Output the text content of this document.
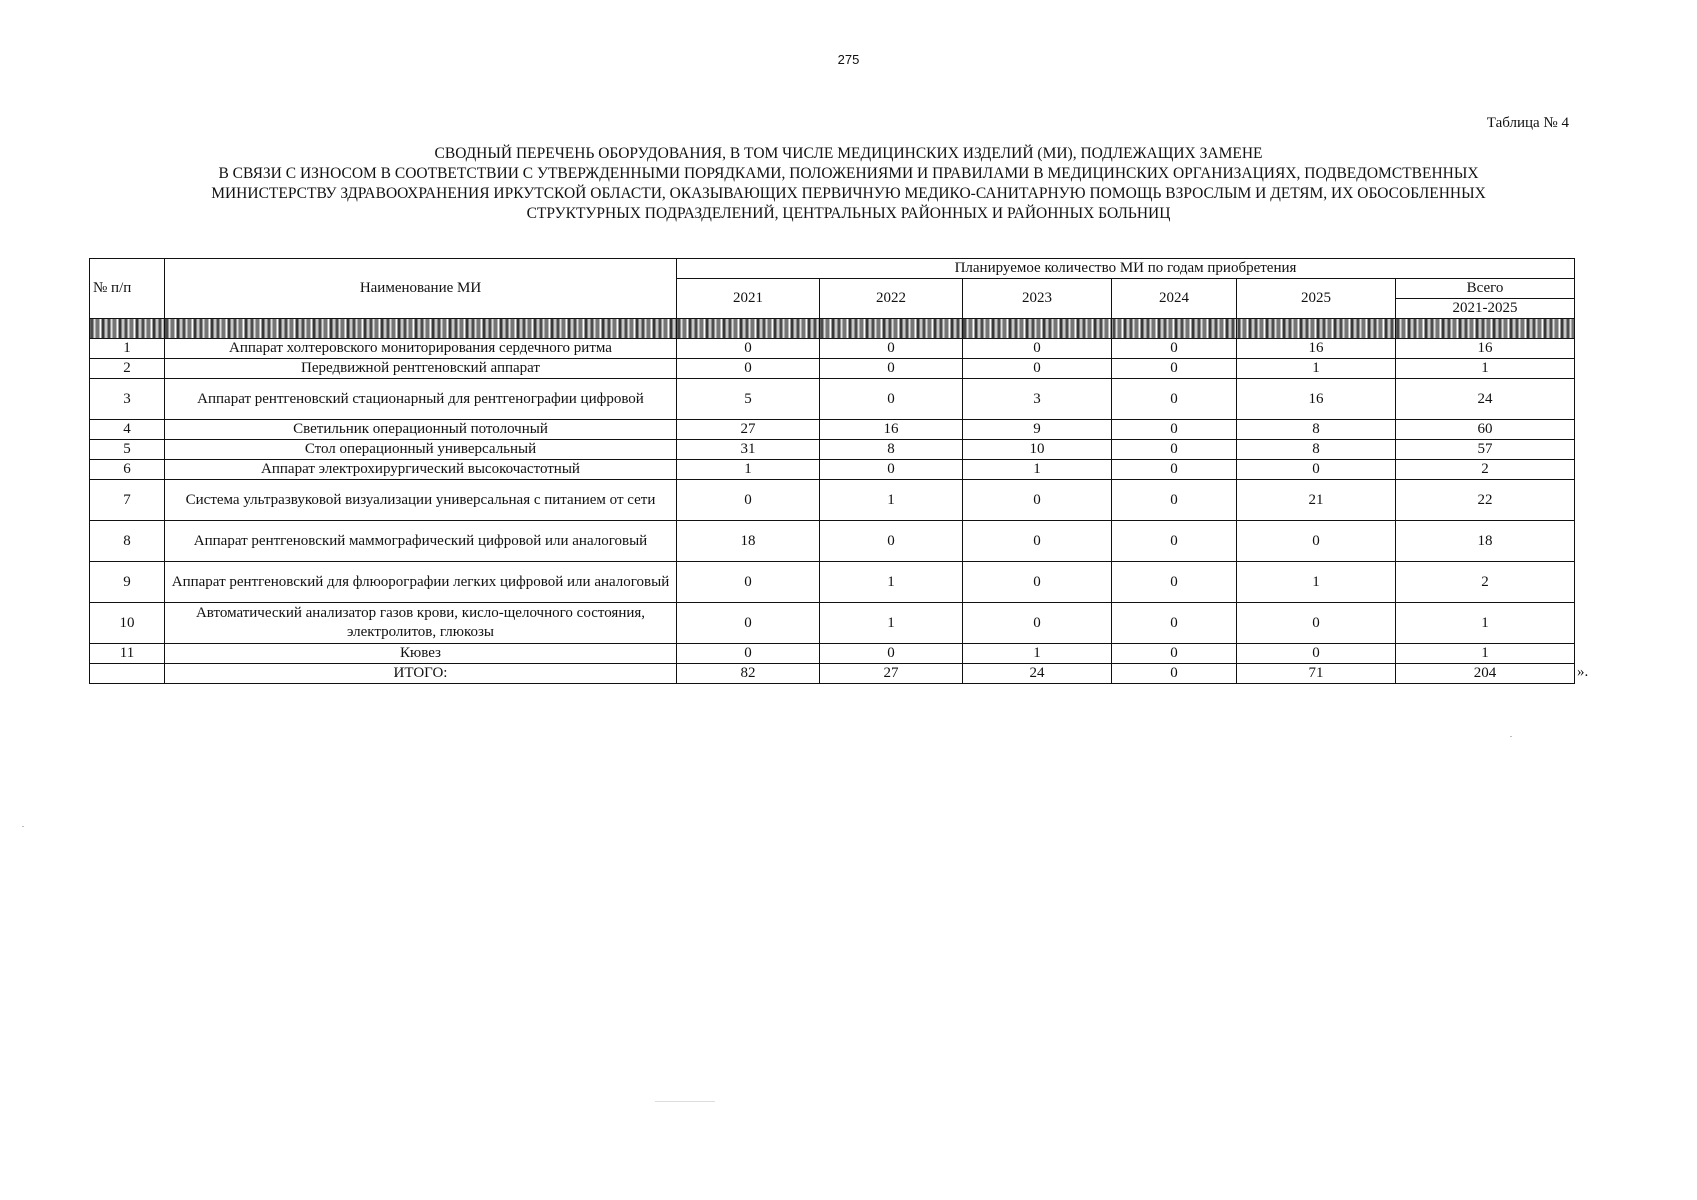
275
Таблица № 4
СВОДНЫЙ ПЕРЕЧЕНЬ ОБОРУДОВАНИЯ, В ТОМ ЧИСЛЕ МЕДИЦИНСКИХ ИЗДЕЛИЙ (МИ), ПОДЛЕЖАЩИХ ЗАМЕНЕ
В СВЯЗИ С ИЗНОСОМ В СООТВЕТСТВИИ С УТВЕРЖДЕННЫМИ ПОРЯДКАМИ, ПОЛОЖЕНИЯМИ И ПРАВИЛАМИ В МЕДИЦИНСКИХ ОРГАНИЗАЦИЯХ, ПОДВЕДОМСТВЕННЫХ
МИНИСТЕРСТВУ ЗДРАВООХРАНЕНИЯ ИРКУТСКОЙ ОБЛАСТИ, ОКАЗЫВАЮЩИХ ПЕРВИЧНУЮ МЕДИКО-САНИТАРНУЮ ПОМОЩЬ ВЗРОСЛЫМ И ДЕТЯМ, ИХ ОБОСОБЛЕННЫХ
СТРУКТУРНЫХ ПОДРАЗДЕЛЕНИЙ, ЦЕНТРАЛЬНЫХ РАЙОННЫХ И РАЙОННЫХ БОЛЬНИЦ
№ п/п	Наименование МИ	Планируемое количество МИ по годам приобретения					
		2021	2022	2023	2024	2025	Всего
							2021-2025

1	Аппарат холтеровского мониторирования сердечного ритма	0	0	0	0	16	16
2	Передвижной рентгеновский аппарат	0	0	0	0	1	1
3	Аппарат рентгеновский стационарный для рентгенографии цифровой	5	0	3	0	16	24
4	Светильник операционный потолочный	27	16	9	0	8	60
5	Стол операционный универсальный	31	8	10	0	8	57
6	Аппарат электрохирургический высокочастотный	1	0	1	0	0	2
7	Система ультразвуковой визуализации универсальная с питанием от сети	0	1	0	0	21	22
8	Аппарат рентгеновский маммографический цифровой или аналоговый	18	0	0	0	0	18
9	Аппарат рентгеновский для флюорографии легких цифровой или аналоговый	0	1	0	0	1	2
10	Автоматический анализатор газов крови, кисло-щелочного состояния, электролитов, глюкозы	0	1	0	0	0	1
11	Кювез	0	0	1	0	0	1
	ИТОГО:	82	27	24	0	71	204	».
